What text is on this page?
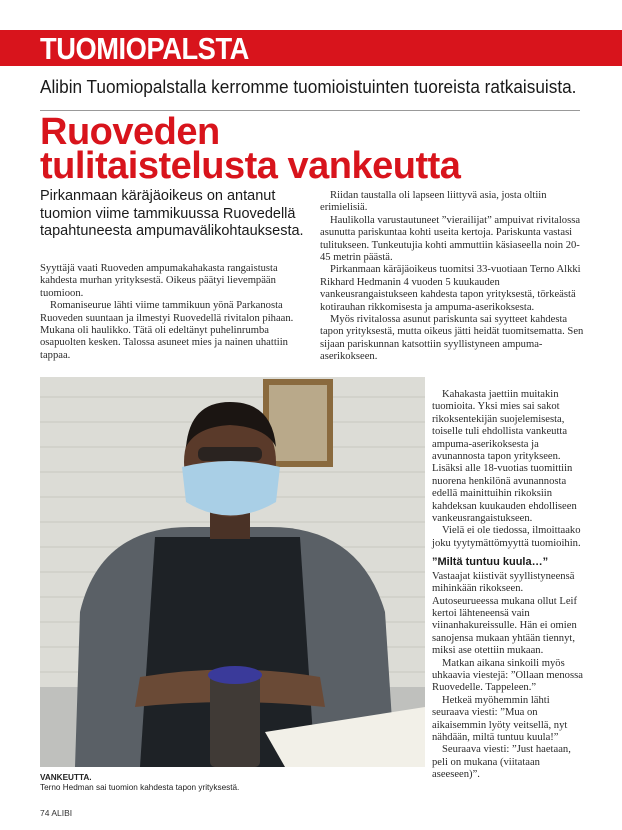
TUOMIOPALSTA
Alibin Tuomiopalstalla kerromme tuomioistuinten tuoreista ratkaisuista.
Ruoveden
tulitaistelusta vankeutta
Pirkanmaan käräjäoikeus on antanut
tuomion viime tammikuussa Ruovedellä
tapahtuneesta ampumavälikohtauksesta.

Syyttäjä vaati Ruoveden ampumakahakasta rangaistusta kahdesta murhan yrityksestä. Oikeus päätyi lievempään tuomioon.

Romaniseurue lähti viime tammikuun yönä Parkanosta Ruoveden suuntaan ja ilmestyi Ruovedellä rivitalon pihaan. Mukana oli haulikko. Tätä oli edeltänyt puhelinrumba osapuolten kesken. Talossa asuneet mies ja nainen uhattiin tappaa.

Riidan taustalla oli lapseen liittyvä asia, josta oltiin erimielisiä.

Haulikolla varustautuneet ”vierailijat” ampuivat rivitalossa asunutta pariskuntaa kohti useita kertoja. Pariskunta vastasi tulitukseen. Tunkeutujia kohti ammuttiin käsiaseella noin 20-45 metrin päästä.

Pirkanmaan käräjäoikeus tuomitsi 33-vuotiaan Terno Alkki Rikhard Hedmanin 4 vuoden 5 kuukauden vankeusrangaistukseen kahdesta tapon yrityksestä, törkeästä kotirauhan rikkomisesta ja ampuma-aserikoksesta.

Myös rivitalossa asunut pariskunta sai syytteet kahdesta tapon yrityksestä, mutta oikeus jätti heidät tuomitsematta. Sen sijaan pariskunnan katsottiin syyllistyneen ampuma-aserikokseen.

Kahakasta jaettiin muitakin tuomioita. Yksi mies sai sakot rikoksentekijän suojelemisesta, toiselle tuli ehdollista vankeutta ampuma-aserikoksesta ja avunannosta tapon yritykseen. Lisäksi alle 18-vuotias tuomittiin nuorena henkilönä avunannosta edellä mainittuihin rikoksiin kahdeksan kuukauden ehdolliseen vankeusrangaistukseen.

Vielä ei ole tiedossa, ilmoittaako joku tyytymättömyyttä tuomioihin.

”Miltä tuntuu kuula…”

Vastaajat kiistivät syyllistyneensä mihinkään rikokseen. Autoseurueessa mukana ollut Leif kertoi lähteneensä vain viinanhakureissulle. Hän ei omien sanojensa mukaan yhtään tiennyt, miksi ase otettiin mukaan.

Matkan aikana sinkoili myös uhkaavia viestejä: ”Ollaan menossa Ruovedelle. Tappeleen.”

Hetkeä myöhemmin lähti seuraava viesti: ”Mua on aikaisemmin lyöty veitsellä, nyt nähdään, miltä tuntuu kuula!”

Seuraava viesti: ”Just haetaan, peli on mukana (viitataan aseeseen)”.

VANKEUTTA.
Terno Hedman sai tuomion kahdesta tapon yrityksestä.
74 ALIBI
